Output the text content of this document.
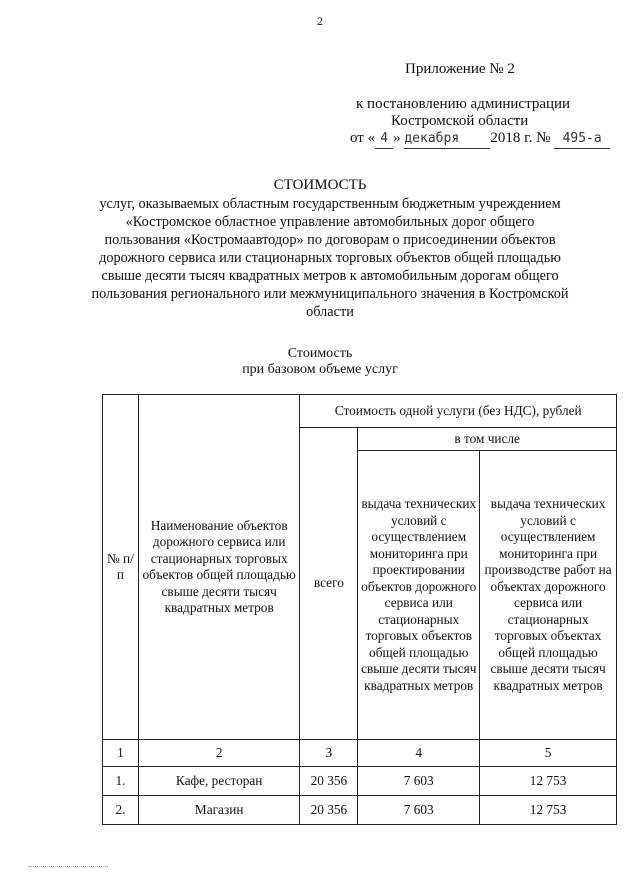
2
Приложение № 2
к постановлению администрации
Костромской области
от « 4 » декабря 2018 г. № 495-а
СТОИМОСТЬ
услуг, оказываемых областным государственным бюджетным учреждением «Костромское областное управление автомобильных дорог общего пользования «Костромаавтодор» по договорам о присоединении объектов дорожного сервиса или стационарных торговых объектов общей площадью свыше десяти тысяч квадратных метров к автомобильным дорогам общего пользования регионального или межмуниципального значения в Костромской области
Стоимость
при базовом объеме услуг
№ п/п	Наименование объектов дорожного сервиса или стационарных торговых объектов общей площадью свыше десяти тысяч квадратных метров	Стоимость одной услуги (без НДС), рублей		
		всего	в том числе	
			выдача технических условий с осуществлением мониторинга при проектировании объектов дорожного сервиса или стационарных торговых объектов общей площадью свыше десяти тысяч квадратных метров	выдача технических условий с осуществлением мониторинга при производстве работ на объектах дорожного сервиса или стационарных торговых объектах общей площадью свыше десяти тысяч квадратных метров
1	2	3	4	5
1.	Кафе, ресторан	20 356	7 603	12 753
2.	Магазин	20 356	7 603	12 753
